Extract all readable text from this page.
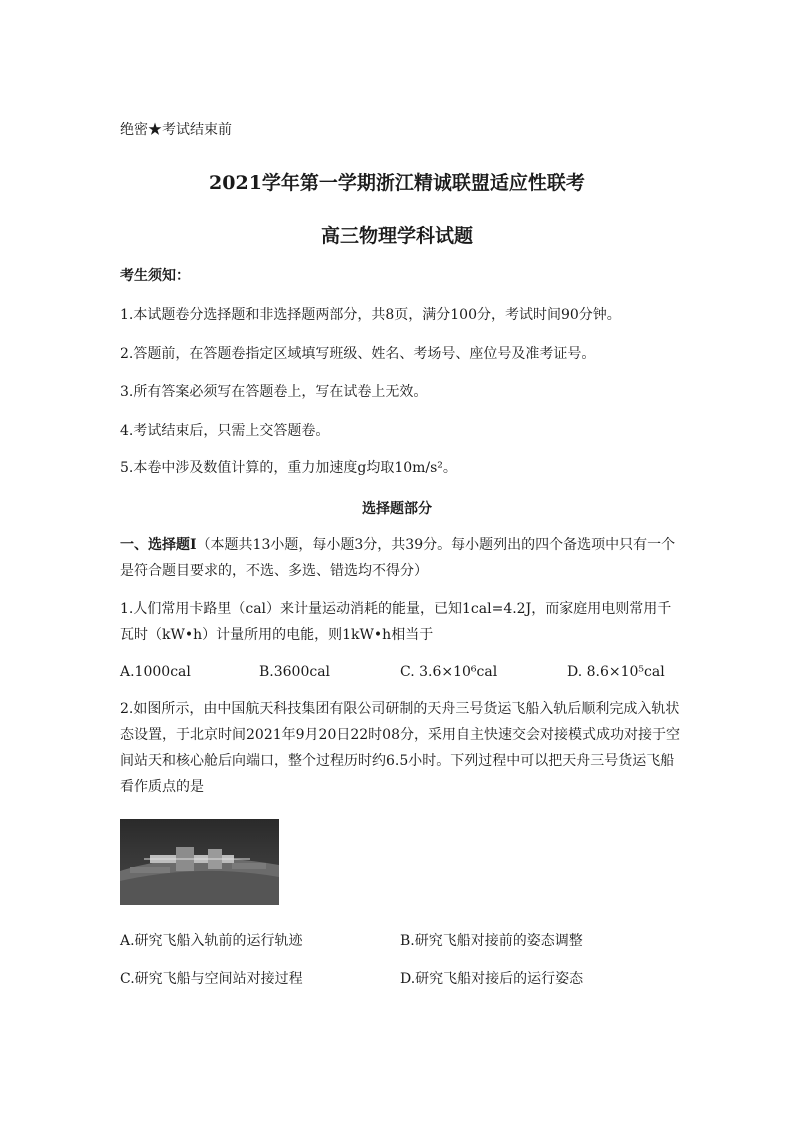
绝密★考试结束前
2021学年第一学期浙江精诚联盟适应性联考
高三物理学科试题
考生须知：
1.本试题卷分选择题和非选择题两部分，共8页，满分100分，考试时间90分钟。
2.答题前，在答题卷指定区域填写班级、姓名、考场号、座位号及准考证号。
3.所有答案必须写在答题卷上，写在试卷上无效。
4.考试结束后，只需上交答题卷。
5.本卷中涉及数值计算的，重力加速度g均取10m/s²。
选择题部分
一、选择题Ⅰ（本题共13小题，每小题3分，共39分。每小题列出的四个备选项中只有一个是符合题目要求的，不选、多选、错选均不得分）
1.人们常用卡路里（cal）来计量运动消耗的能量，已知1cal=4.2J，而家庭用电则常用千瓦时（kW•h）计量所用的电能，则1kW•h相当于
A.1000cal	B.3600cal	C. 3.6×10⁶cal	D. 8.6×10⁵cal
2.如图所示，由中国航天科技集团有限公司研制的天舟三号货运飞船入轨后顺利完成入轨状态设置，于北京时间2021年9月20日22时08分，采用自主快速交会对接模式成功对接于空间站天和核心舱后向端口，整个过程历时约6.5小时。下列过程中可以把天舟三号货运飞船看作质点的是
A.研究飞船入轨前的运行轨迹	B.研究飞船对接前的姿态调整
C.研究飞船与空间站对接过程	D.研究飞船对接后的运行姿态
